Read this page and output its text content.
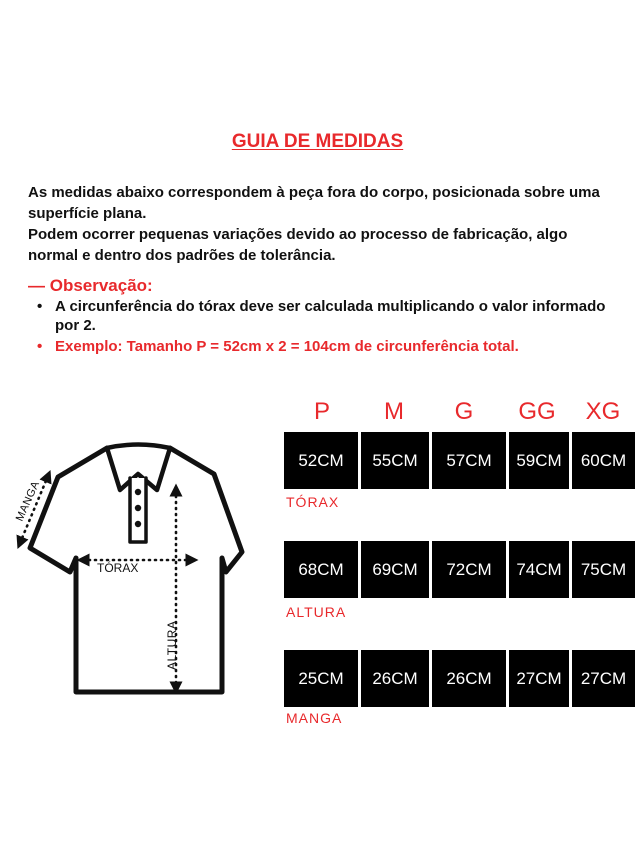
GUIA DE MEDIDAS

As medidas abaixo correspondem à peça fora do corpo, posicionada sobre uma superfície plana.

Podem ocorrer pequenas variações devido ao processo de fabricação, algo normal e dentro dos padrões de tolerância.

— Observação:
• A circunferência do tórax deve ser calculada multiplicando o valor informado por 2.
• Exemplo: Tamanho P = 52cm x 2 = 104cm de circunferência total.
MANGA
TÓRAX
ALTURA
P	M	G	GG	XG
52CM	55CM	57CM	59CM	60CM
TÓRAX
68CM	69CM	72CM	74CM	75CM
ALTURA
25CM	26CM	26CM	27CM	27CM
MANGA
